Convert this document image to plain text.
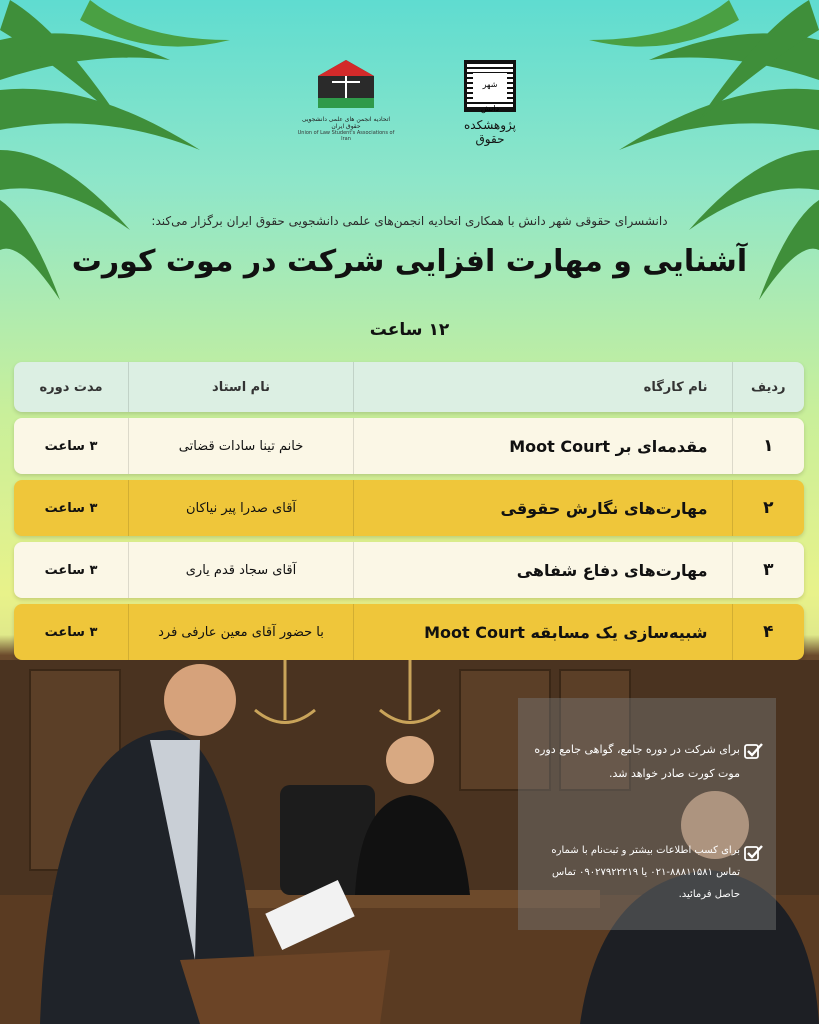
اتحادیه انجمن های علمی دانشجویی حقوق ایران
Union of Law Student's Associations of Iran
شهر دانش
پژوهشکده حقوق
دانشسرای حقوقی شهر دانش با همکاری اتحادیه انجمن‌های علمی دانشجویی حقوق ایران برگزار می‌کند:
آشنایی و مهارت افزایی شرکت در موت کورت
۱۲ ساعت
ردیف
نام کارگاه
نام استاد
مدت دوره
۱
مقدمه‌ای بر Moot Court
خانم تینا سادات قضاتی
۳ ساعت
۲
مهارت‌های نگارش حقوقی
آقای صدرا پیر نیاکان
۳ ساعت
۳
مهارت‌های دفاع شفاهی
آقای سجاد قدم یاری
۳ ساعت
۴
شبیه‌سازی یک مسابقه Moot Court
با حضور آقای معین عارفی فرد
۳ ساعت
برای شرکت در دوره جامع، گواهی جامع دوره موت کورت صادر خواهد شد.
برای کسب اطلاعات بیشتر و ثبت‌نام با شماره تماس ۸۸۸۱۱۵۸۱-۰۲۱ یا ۰۹۰۲۷۹۲۲۲۱۹ تماس حاصل فرمائید.
